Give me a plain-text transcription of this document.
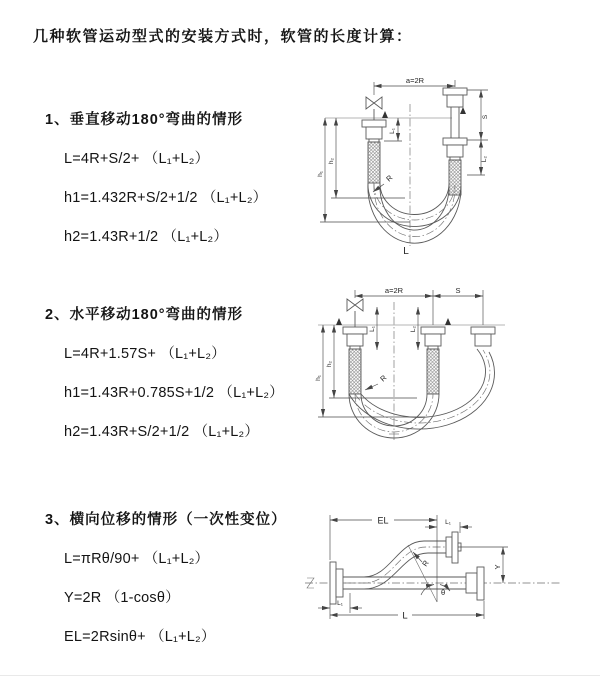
几种软管运动型式的安装方式时，软管的长度计算：
1、垂直移动180°弯曲的情形
L=4R+S/2+ （L₁+L₂）
h1=1.432R+S/2+1/2 （L₁+L₂）
h2=1.43R+1/2 （L₁+L₂）
a=2R
S
L₂
h₁
h₂
L₁
R
L
2、水平移动180°弯曲的情形
L=4R+1.57S+ （L₁+L₂）
h1=1.43R+0.785S+1/2 （L₁+L₂）
h2=1.43R+S/2+1/2 （L₁+L₂）
a=2R	S
L₁	L₂
h₁
h₂
R
3、横向位移的情形（一次性变位）
L=πRθ/90+ （L₁+L₂）
Y=2R （1-cosθ）
EL=2Rsinθ+ （L₁+L₂）
EL	L₁
Y
θ
R
L
L₁
